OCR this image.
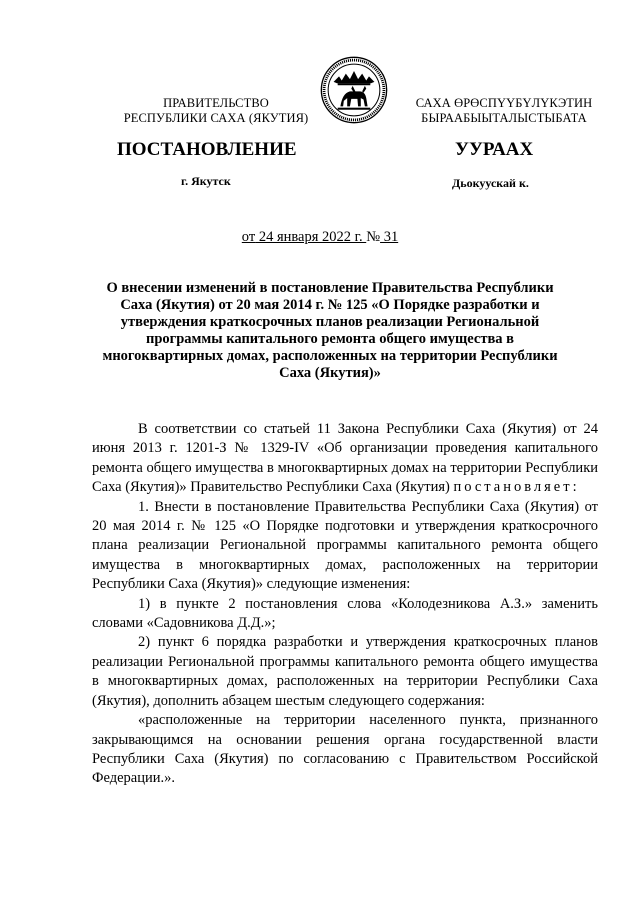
ПРАВИТЕЛЬСТВО
РЕСПУБЛИКИ САХА (ЯКУТИЯ)
САХА ӨРӨСПҮҮБҮЛҮКЭТИН
БЫРААБЫЫТАЛЫСТЫБАТА
ПОСТАНОВЛЕНИЕ	УУРААХ
г. Якутск	Дьокуускай к.
от 24 января 2022 г. № 31
О внесении изменений в постановление Правительства Республики Саха (Якутия) от 20 мая 2014 г. № 125 «О Порядке разработки и утверждения краткосрочных планов реализации Региональной программы капитального ремонта общего имущества в многоквартирных домах, расположенных на территории Республики Саха (Якутия)»

В соответствии со статьей 11 Закона Республики Саха (Якутия) от 24 июня 2013 г. 1201-З № 1329-IV «Об организации проведения капитального ремонта общего имущества в многоквартирных домах на территории Республики Саха (Якутия)» Правительство Республики Саха (Якутия) постановляет:

1. Внести в постановление Правительства Республики Саха (Якутия) от 20 мая 2014 г. № 125 «О Порядке подготовки и утверждения краткосрочного плана реализации Региональной программы капитального ремонта общего имущества в многоквартирных домах, расположенных на территории Республики Саха (Якутия)» следующие изменения:

1) в пункте 2 постановления слова «Колодезникова А.З.» заменить словами «Садовникова Д.Д.»;

2) пункт 6 порядка разработки и утверждения краткосрочных планов реализации Региональной программы капитального ремонта общего имущества в многоквартирных домах, расположенных на территории Республики Саха (Якутия), дополнить абзацем шестым следующего содержания:

«расположенные на территории населенного пункта, признанного закрывающимся на основании решения органа государственной власти Республики Саха (Якутия) по согласованию с Правительством Российской Федерации.».
